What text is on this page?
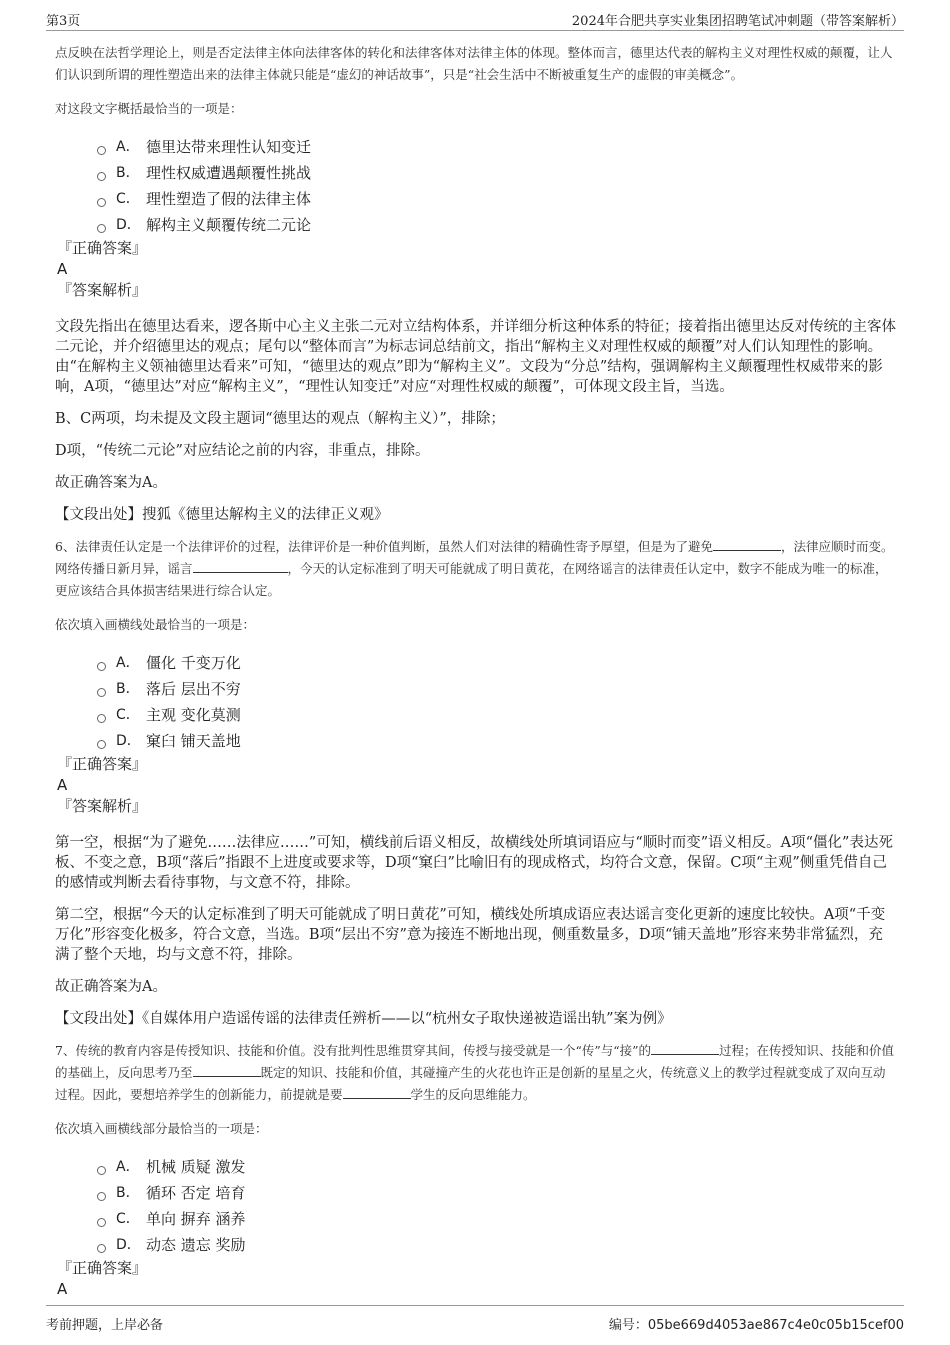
第3页	2024年合肥共享实业集团招聘笔试冲刺题（带答案解析）

点反映在法哲学理论上，则是否定法律主体向法律客体的转化和法律客体对法律主体的体现。整体而言，德里达代表的解构主义对理性权威的颠覆，让人们认识到所谓的理性塑造出来的法律主体就只能是“虚幻的神话故事”，只是“社会生活中不断被重复生产的虚假的审美概念”。

对这段文字概括最恰当的一项是：

A． 德里达带来理性认知变迁
B． 理性权威遭遇颠覆性挑战
C． 理性塑造了假的法律主体
D． 解构主义颠覆传统二元论

『正确答案』

A

『答案解析』

文段先指出在德里达看来，逻各斯中心主义主张二元对立结构体系，并详细分析这种体系的特征；接着指出德里达反对传统的主客体二元论，并介绍德里达的观点；尾句以“整体而言”为标志词总结前文，指出“解构主义对理性权威的颠覆”对人们认知理性的影响。由“在解构主义领袖德里达看来”可知，“德里达的观点”即为“解构主义”。文段为“分总”结构，强调解构主义颠覆理性权威带来的影响，A项，“德里达”对应“解构主义”，“理性认知变迁”对应“对理性权威的颠覆”，可体现文段主旨，当选。

B、C两项，均未提及文段主题词“德里达的观点（解构主义）”，排除；

D项，“传统二元论”对应结论之前的内容，非重点，排除。

故正确答案为A。

【文段出处】搜狐《德里达解构主义的法律正义观》

6、法律责任认定是一个法律评价的过程，法律评价是一种价值判断，虽然人们对法律的精确性寄予厚望，但是为了避免	，法律应顺时而变。网络传播日新月异，谣言	，今天的认定标准到了明天可能就成了明日黄花，在网络谣言的法律责任认定中，数字不能成为唯一的标准，更应该结合具体损害结果进行综合认定。

依次填入画横线处最恰当的一项是：

A． 僵化 千变万化
B． 落后 层出不穷
C． 主观 变化莫测
D． 窠臼 铺天盖地

『正确答案』

A

『答案解析』

第一空，根据“为了避免……法律应……”可知，横线前后语义相反，故横线处所填词语应与“顺时而变”语义相反。A项“僵化”表达死板、不变之意，B项“落后”指跟不上进度或要求等，D项“窠臼”比喻旧有的现成格式，均符合文意，保留。C项“主观”侧重凭借自己的感情或判断去看待事物，与文意不符，排除。

第二空，根据“今天的认定标准到了明天可能就成了明日黄花”可知，横线处所填成语应表达谣言变化更新的速度比较快。A项“千变万化”形容变化极多，符合文意，当选。B项“层出不穷”意为接连不断地出现，侧重数量多，D项“铺天盖地”形容来势非常猛烈，充满了整个天地，均与文意不符，排除。

故正确答案为A。

【文段出处】《自媒体用户造谣传谣的法律责任辨析——以“杭州女子取快递被造谣出轨”案为例》

7、传统的教育内容是传授知识、技能和价值。没有批判性思维贯穿其间，传授与接受就是一个“传”与“接”的	过程；在传授知识、技能和价值的基础上，反向思考乃至	既定的知识、技能和价值，其碰撞产生的火花也许正是创新的星星之火，传统意义上的教学过程就变成了双向互动过程。因此，要想培养学生的创新能力，前提就是要	学生的反向思维能力。

依次填入画横线部分最恰当的一项是：

A． 机械 质疑 激发
B． 循环 否定 培育
C． 单向 摒弃 涵养
D． 动态 遗忘 奖励

『正确答案』

A

考前押题，上岸必备	编号：05be669d4053ae867c4e0c05b15cef00
